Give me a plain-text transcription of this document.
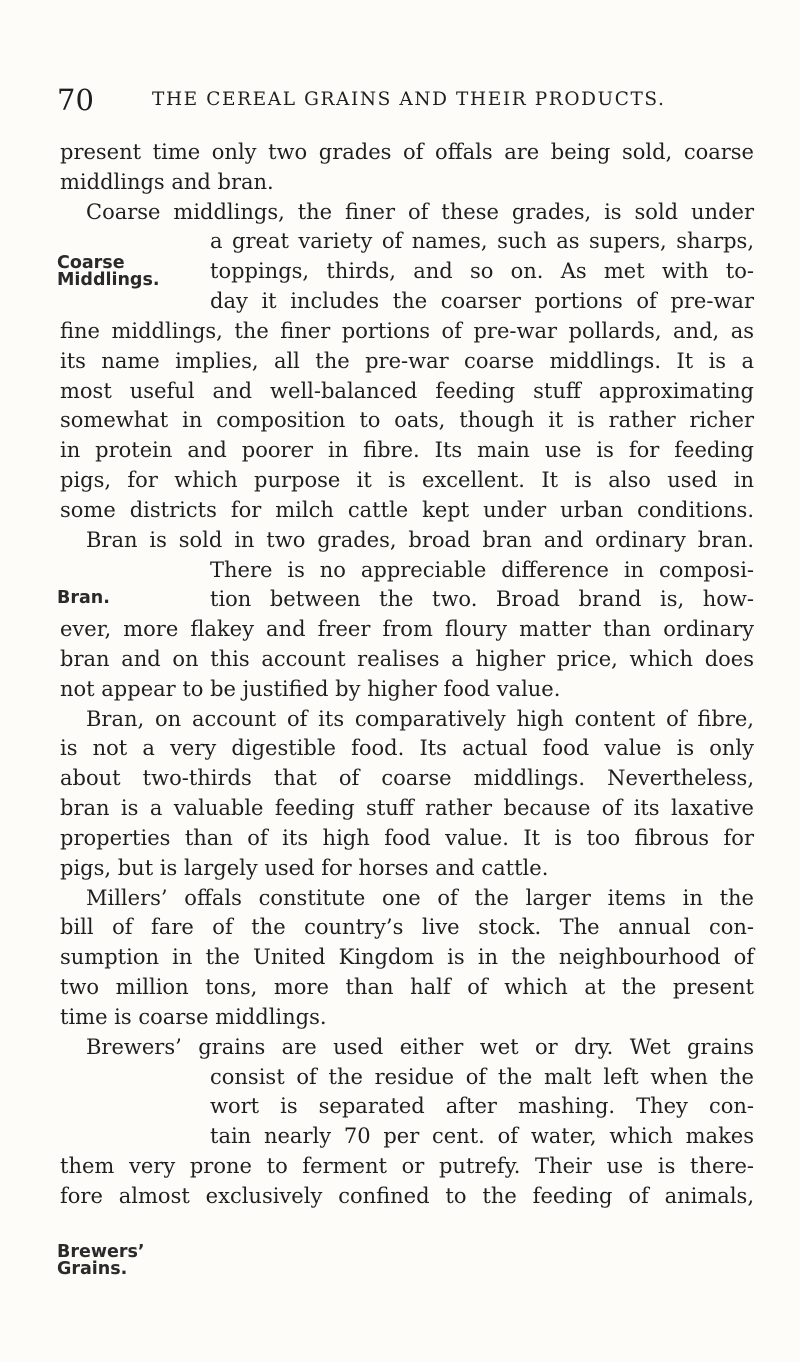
70	THE CEREAL GRAINS AND THEIR PRODUCTS.
Coarse
Middlings.
Bran.
Brewers’
Grains.
present time only two grades of offals are being sold, coarse
middlings and bran.
Coarse middlings, the finer of these grades, is sold under
a great variety of names, such as supers, sharps,
toppings, thirds, and so on. As met with to-
day it includes the coarser portions of pre-war
fine middlings, the finer portions of pre-war pollards, and, as
its name implies, all the pre-war coarse middlings. It is a
most useful and well-balanced feeding stuff approximating
somewhat in composition to oats, though it is rather richer
in protein and poorer in fibre. Its main use is for feeding
pigs, for which purpose it is excellent. It is also used in
some districts for milch cattle kept under urban conditions.
Bran is sold in two grades, broad bran and ordinary bran.
There is no appreciable difference in composi-
tion between the two. Broad brand is, how-
ever, more flakey and freer from floury matter than ordinary
bran and on this account realises a higher price, which does
not appear to be justified by higher food value.
Bran, on account of its comparatively high content of fibre,
is not a very digestible food. Its actual food value is only
about two-thirds that of coarse middlings. Nevertheless,
bran is a valuable feeding stuff rather because of its laxative
properties than of its high food value. It is too fibrous for
pigs, but is largely used for horses and cattle.
Millers’ offals constitute one of the larger items in the
bill of fare of the country’s live stock. The annual con-
sumption in the United Kingdom is in the neighbourhood of
two million tons, more than half of which at the present
time is coarse middlings.
Brewers’ grains are used either wet or dry. Wet grains
consist of the residue of the malt left when the
wort is separated after mashing. They con-
tain nearly 70 per cent. of water, which makes
them very prone to ferment or putrefy. Their use is there-
fore almost exclusively confined to the feeding of animals,
